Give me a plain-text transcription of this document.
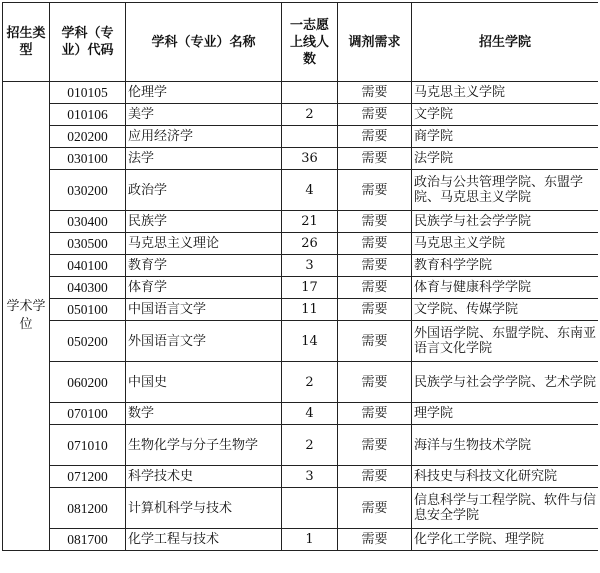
招生类型	学科（专业）代码	学科（专业）名称	一志愿上线人数	调剂需求	招生学院
学术学位	010105	伦理学		需要	马克思主义学院
	010106	美学	2	需要	文学院
	020200	应用经济学		需要	商学院
	030100	法学	36	需要	法学院
	030200	政治学	4	需要	政治与公共管理学院、东盟学院、马克思主义学院
	030400	民族学	21	需要	民族学与社会学学院
	030500	马克思主义理论	26	需要	马克思主义学院
	040100	教育学	3	需要	教育科学学院
	040300	体育学	17	需要	体育与健康科学学院
	050100	中国语言文学	11	需要	文学院、传媒学院
	050200	外国语言文学	14	需要	外国语学院、东盟学院、东南亚语言文化学院
	060200	中国史	2	需要	民族学与社会学学院、艺术学院
	070100	数学	4	需要	理学院
	071010	生物化学与分子生物学	2	需要	海洋与生物技术学院
	071200	科学技术史	3	需要	科技史与科技文化研究院
	081200	计算机科学与技术		需要	信息科学与工程学院、软件与信息安全学院
	081700	化学工程与技术	1	需要	化学化工学院、理学院
